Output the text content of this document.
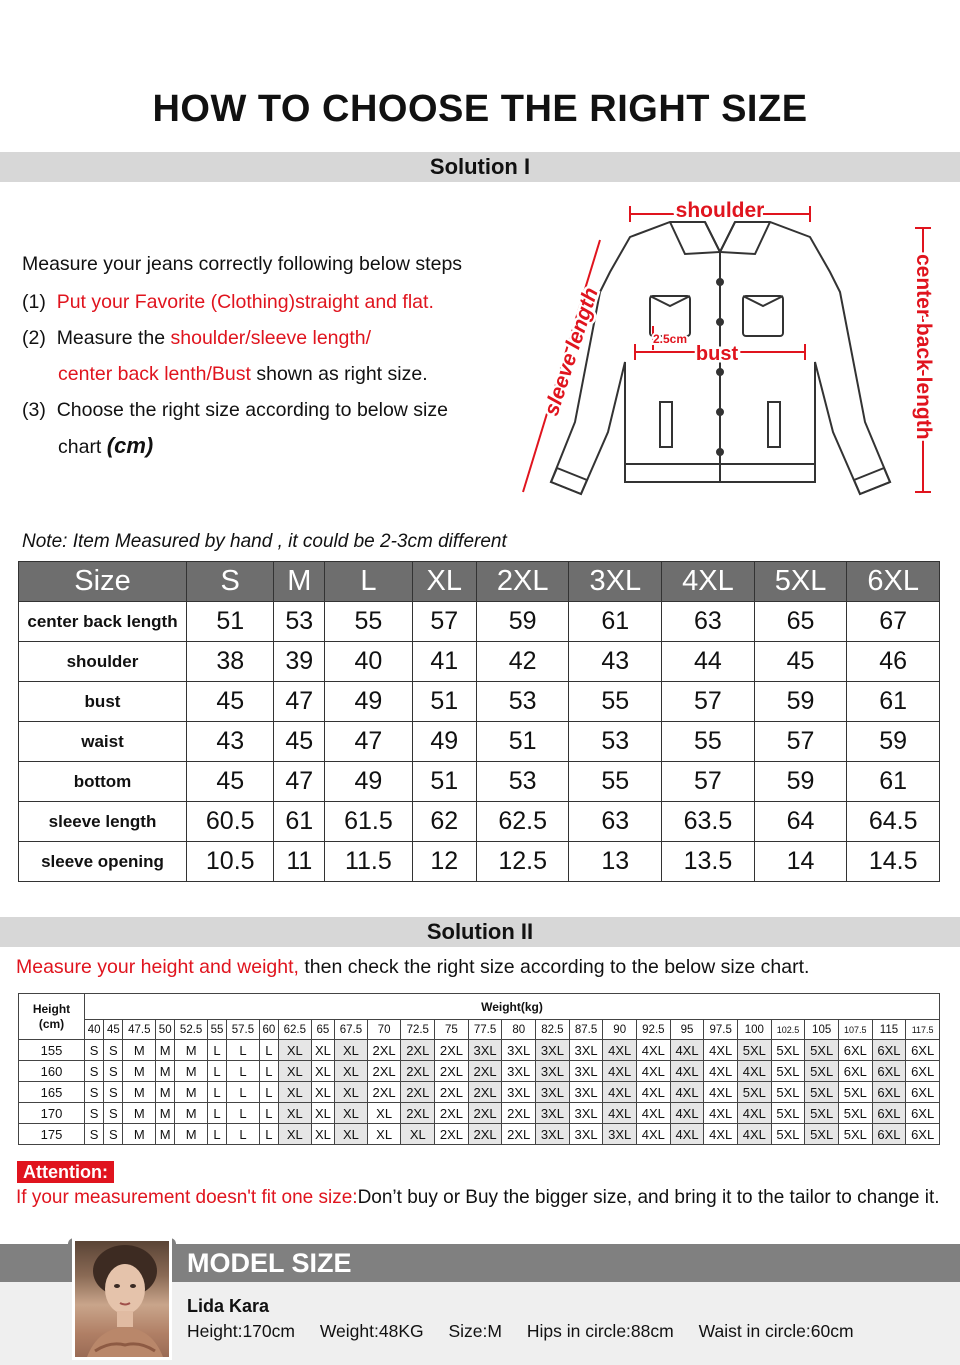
HOW TO CHOOSE THE RIGHT SIZE
Solution I
Measure your jeans correctly following below steps
(1) Put your Favorite (Clothing)straight and flat.
(2) Measure the shoulder/sleeve length/
center back lenth/Bust shown as right size.
(3) Choose the right size according to below size
chart (cm)
shoulder
bust
2.5cm
sleeve length	center back length
Note: Item Measured by hand , it could be 2-3cm different
Size	S	M	L	XL	2XL	3XL	4XL	5XL	6XL
center back length	51	53	55	57	59	61	63	65	67
shoulder	38	39	40	41	42	43	44	45	46
bust	45	47	49	51	53	55	57	59	61
waist	43	45	47	49	51	53	55	57	59
bottom	45	47	49	51	53	55	57	59	61
sleeve length	60.5	61	61.5	62	62.5	63	63.5	64	64.5
sleeve opening	10.5	11	11.5	12	12.5	13	13.5	14	14.5
Solution II
Measure your height and weight, then check the right size according to the below size chart.
Height
(cm)	Weight(kg)																											
	40	45	47.5	50	52.5	55	57.5	60	62.5	65	67.5	70	72.5	75	77.5	80	82.5	87.5	90	92.5	95	97.5	100	102.5	105	107.5	115	117.5
155	S	S	M	M	M	L	L	L	XL	XL	XL	2XL	2XL	2XL	3XL	3XL	3XL	3XL	4XL	4XL	4XL	4XL	5XL	5XL	5XL	6XL	6XL	6XL
160	S	S	M	M	M	L	L	L	XL	XL	XL	2XL	2XL	2XL	2XL	3XL	3XL	3XL	4XL	4XL	4XL	4XL	4XL	5XL	5XL	6XL	6XL	6XL
165	S	S	M	M	M	L	L	L	XL	XL	XL	2XL	2XL	2XL	2XL	3XL	3XL	3XL	4XL	4XL	4XL	4XL	5XL	5XL	5XL	5XL	6XL	6XL
170	S	S	M	M	M	L	L	L	XL	XL	XL	XL	2XL	2XL	2XL	2XL	3XL	3XL	4XL	4XL	4XL	4XL	4XL	5XL	5XL	5XL	6XL	6XL
175	S	S	M	M	M	L	L	L	XL	XL	XL	XL	XL	2XL	2XL	2XL	3XL	3XL	3XL	4XL	4XL	4XL	4XL	5XL	5XL	5XL	6XL	6XL
Attention:
If your measurement doesn't fit one size:Don’t buy or Buy the bigger size, and bring it to the tailor to change it.
MODEL SIZE
Lida Kara
Height:170cm Weight:48KG Size:M Hips in circle:88cm Waist in circle:60cm
